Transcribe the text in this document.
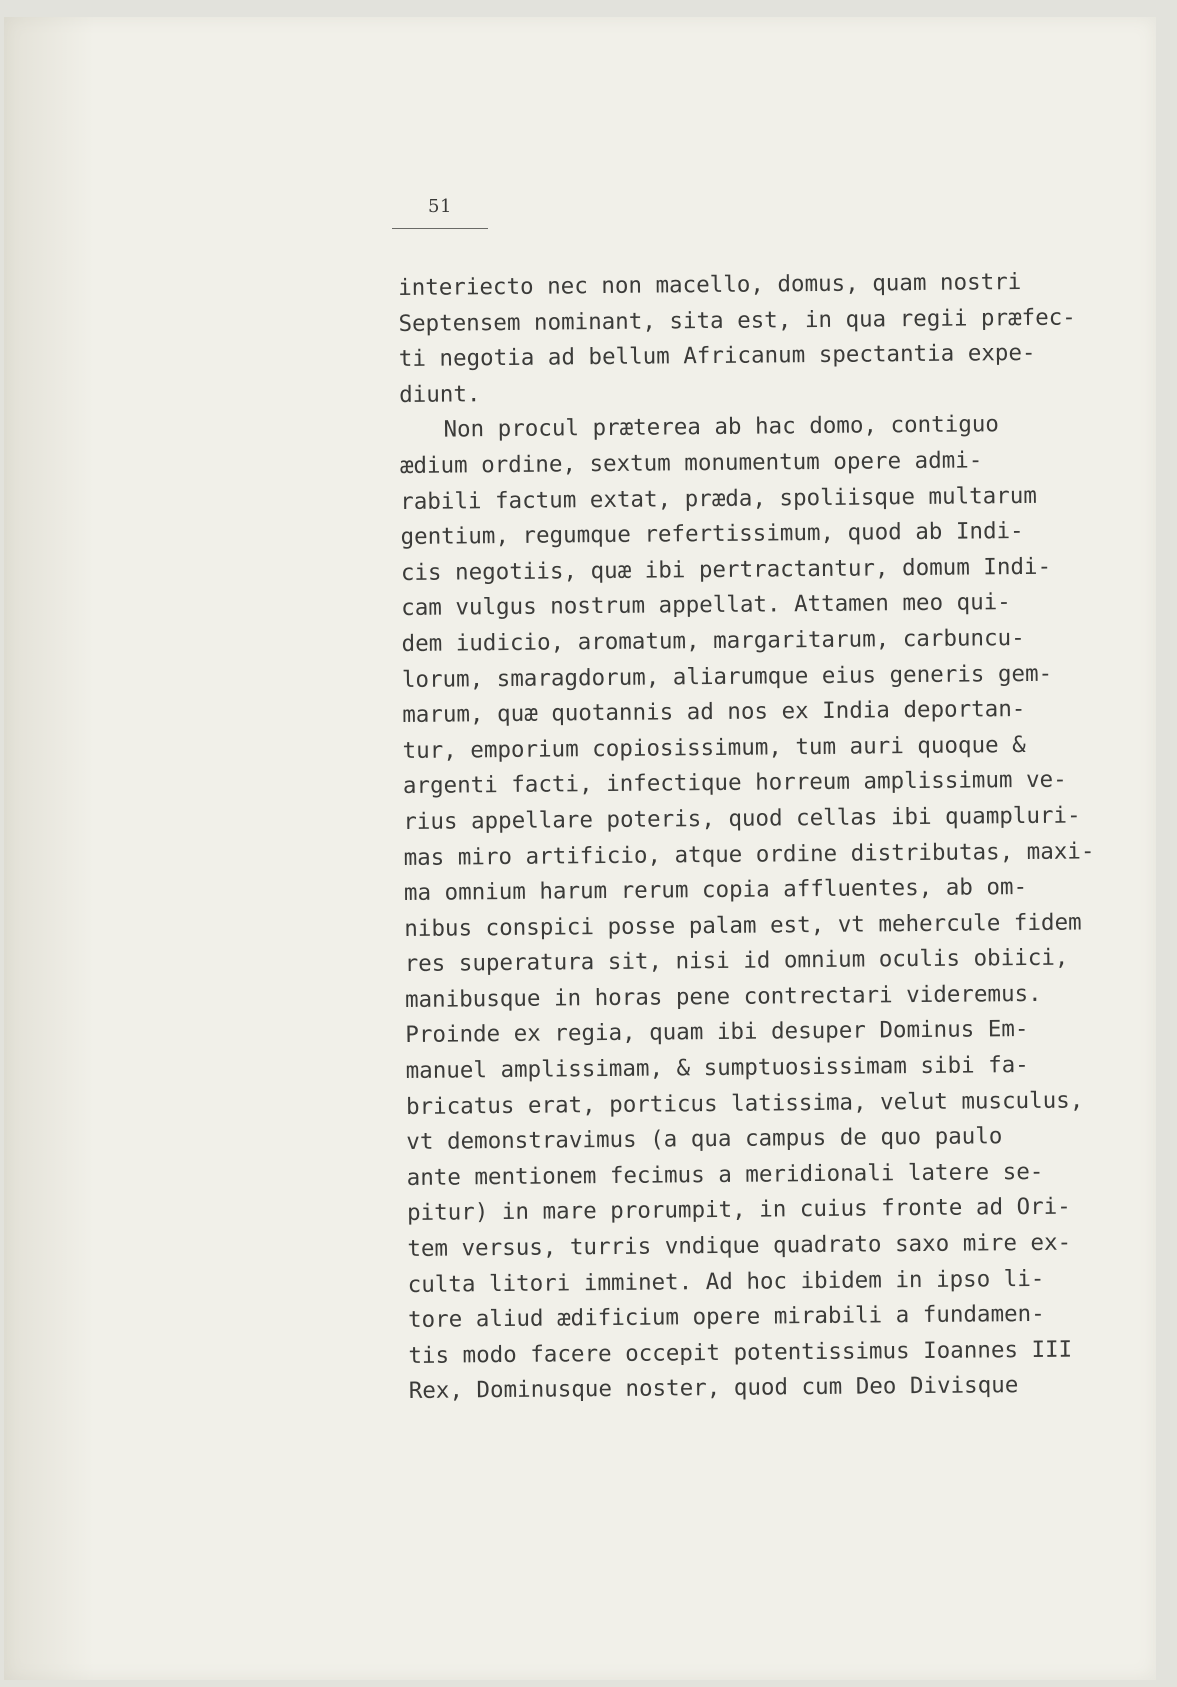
51
interiecto nec non macello, domus, quam nostri
Septensem nominant, sita est, in qua regii præfec-
ti negotia ad bellum Africanum spectantia expe-
diunt.
Non procul præterea ab hac domo, contiguo
ædium ordine, sextum monumentum opere admi-
rabili factum extat, præda, spoliisque multarum
gentium, regumque refertissimum, quod ab Indi-
cis negotiis, quæ ibi pertractantur, domum Indi-
cam vulgus nostrum appellat. Attamen meo qui-
dem iudicio, aromatum, margaritarum, carbuncu-
lorum, smaragdorum, aliarumque eius generis gem-
marum, quæ quotannis ad nos ex India deportan-
tur, emporium copiosissimum, tum auri quoque &
argenti facti, infectique horreum amplissimum ve-
rius appellare poteris, quod cellas ibi quampluri-
mas miro artificio, atque ordine distributas, maxi-
ma omnium harum rerum copia affluentes, ab om-
nibus conspici posse palam est, vt mehercule fidem
res superatura sit, nisi id omnium oculis obiici,
manibusque in horas pene contrectari videremus.
Proinde ex regia, quam ibi desuper Dominus Em-
manuel amplissimam, & sumptuosissimam sibi fa-
bricatus erat, porticus latissima, velut musculus,
vt demonstravimus (a qua campus de quo paulo
ante mentionem fecimus a meridionali latere se-
pitur) in mare prorumpit, in cuius fronte ad Ori-
tem versus, turris vndique quadrato saxo mire ex-
culta litori imminet. Ad hoc ibidem in ipso li-
tore aliud ædificium opere mirabili a fundamen-
tis modo facere occepit potentissimus Ioannes III
Rex, Dominusque noster, quod cum Deo Divisque
